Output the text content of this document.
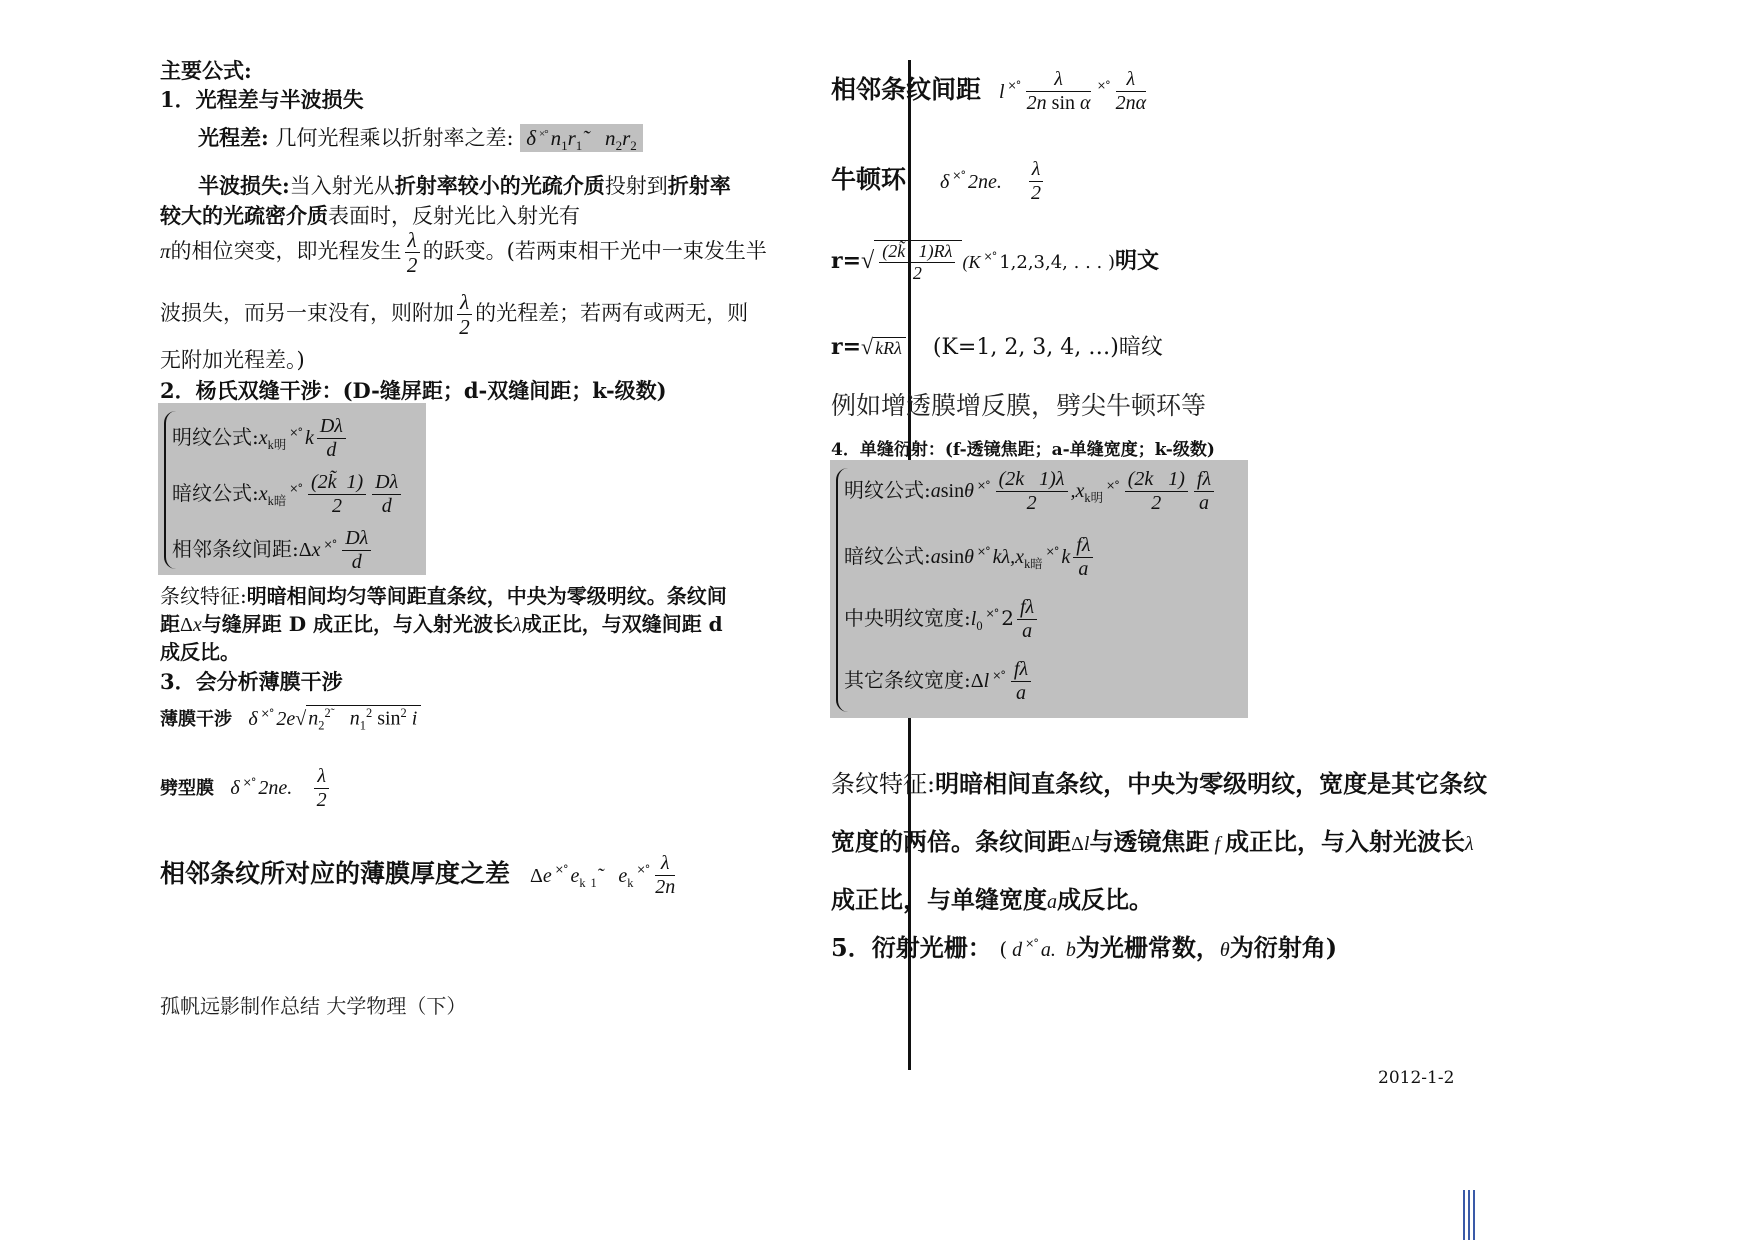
主要公式:
1．光程差与半波损失
光程差: 几何光程乘以折射率之差: δ ×° $n_1r_1˜$   $n_2r_2$
半波损失:当入射光从折射率较小的光疏介质投射到折射率
较大的光疏密介质表面时，反射光比入射光有
π的相位突变，即光程发生 $\frac{\lambda}{2}$ 的跃变。(若两束相干光中一束发生半
波损失，而另一束没有，则附加 $\frac{\lambda}{2}$ 的光程差；若两有或两无，则
无附加光程差。)
2．杨氏双缝干涉：(D-缝屏距；d-双缝间距；k-级数)
明纹公式$:x_{k明}^{\times^\circ}$ k $\frac{D\lambda}{d}$
暗纹公式$:x_{k暗}^{\times^\circ} \frac{(2k̃ 1)}{2} \frac{D\lambda}{d}$
相邻条纹间距:Δx $^{\times^\circ} \frac{D\lambda}{d}$
条纹特征:明暗相间均匀等间距直条纹，中央为零级明纹。条纹间
距Δx与缝屏距 D 成正比，与入射光波长λ成正比，与双缝间距 d
成反比。
3．会分析薄膜干涉
薄膜干涉 δ ×° 2e√ $n_2^{2˜}$   $n_1^2$ $\sin^2 i$
劈型膜 δ ×° 2ne. $\frac{\lambda}{2}$
相邻条纹所对应的薄膜厚度之差 Δe ×° $e_k$ $_1$˜   $e_k^{\times^\circ} \frac{\lambda}{2n}$
孤帆远影制作总结 大学物理（下）
相邻条纹间距 l $^{\times^\circ} \frac{\lambda}{\text{2n sin α}} ^{\times^\circ} \frac{\lambda}{2n\alpha}$
牛顿环 δ ×° 2ne. $\frac{\lambda}{2}$
$r=√ \frac{(2k̃ 1)R\lambda}{2} (K$ ×° 1,2,3,4, . . . )明文
r=√ kRλ (K=1, 2, 3, 4, …)暗纹
例如增透膜增反膜，劈尖牛顿环等
4．单缝衍射：(f-透镜焦距；a-单缝宽度；k-级数)
明纹公式:asinθ $^{\times^\circ} \frac{(2k 1)\lambda}{2} ,x_{k明}^{\times^\circ} \frac{(2k 1)}{2} \frac{f\lambda}{a}$
暗纹公式:asinθ ×° $k\lambda,x_{k暗}^{\times^\circ}$ k $\frac{f\lambda}{a}$
中央明纹宽度$:l_0^{\times^\circ}$ $2 \frac{f\lambda}{a}$
其它条纹宽度:Δl $^{\times^\circ} \frac{f\lambda}{a}$
条纹特征:明暗相间直条纹，中央为零级明纹，宽度是其它条纹
宽度的两倍。条纹间距Δl与透镜焦距 f 成正比，与入射光波长λ
成正比，与单缝宽度a成反比。
5．衍射光栅： ( d ×° a.  b为光栅常数，θ为衍射角)
2012-1-2
